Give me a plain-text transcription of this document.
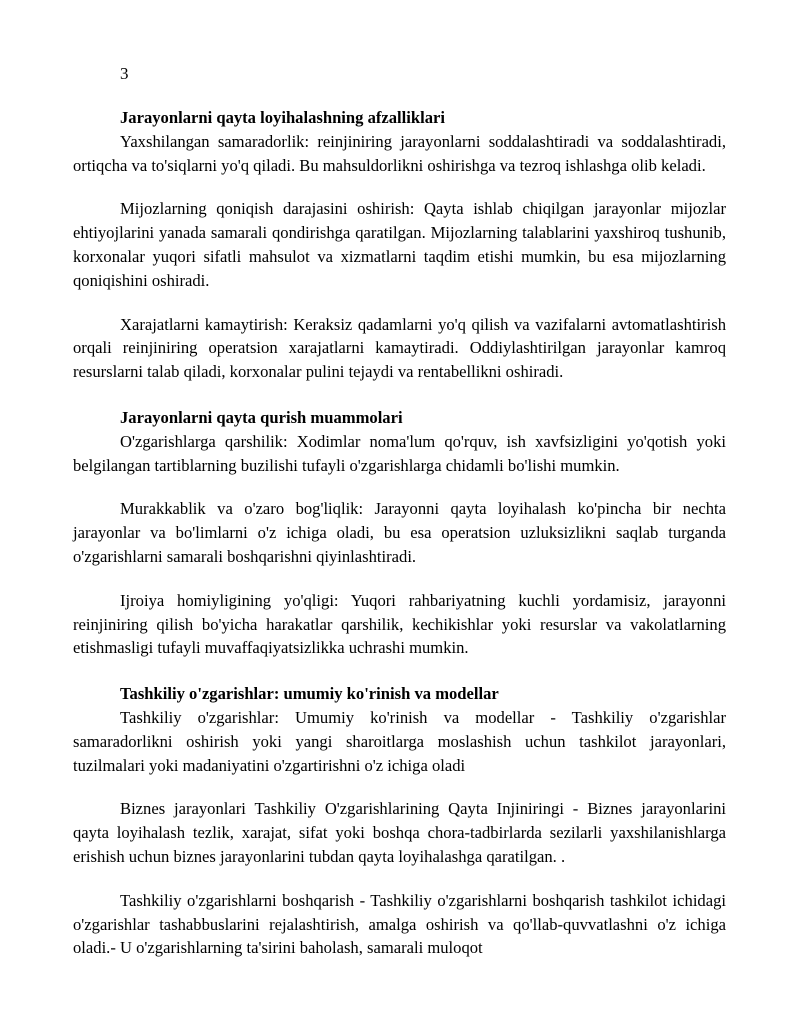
3

Jarayonlarni qayta loyihalashning afzalliklari

Yaxshilangan samaradorlik: reinjiniring jarayonlarni soddalashtiradi va soddalashtiradi, ortiqcha va to'siqlarni yo'q qiladi. Bu mahsuldorlikni oshirishga va tezroq ishlashga olib keladi.

Mijozlarning qoniqish darajasini oshirish: Qayta ishlab chiqilgan jarayonlar mijozlar ehtiyojlarini yanada samarali qondirishga qaratilgan. Mijozlarning talablarini yaxshiroq tushunib, korxonalar yuqori sifatli mahsulot va xizmatlarni taqdim etishi mumkin, bu esa mijozlarning qoniqishini oshiradi.

Xarajatlarni kamaytirish: Keraksiz qadamlarni yo'q qilish va vazifalarni avtomatlashtirish orqali reinjiniring operatsion xarajatlarni kamaytiradi. Oddiylashtirilgan jarayonlar kamroq resurslarni talab qiladi, korxonalar pulini tejaydi va rentabellikni oshiradi.

Jarayonlarni qayta qurish muammolari

O'zgarishlarga qarshilik: Xodimlar noma'lum qo'rquv, ish xavfsizligini yo'qotish yoki belgilangan tartiblarning buzilishi tufayli o'zgarishlarga chidamli bo'lishi mumkin.

Murakkablik va o'zaro bog'liqlik: Jarayonni qayta loyihalash ko'pincha bir nechta jarayonlar va bo'limlarni o'z ichiga oladi, bu esa operatsion uzluksizlikni saqlab turganda o'zgarishlarni samarali boshqarishni qiyinlashtiradi.

Ijroiya homiyligining yo'qligi: Yuqori rahbariyatning kuchli yordamisiz, jarayonni reinjiniring qilish bo'yicha harakatlar qarshilik, kechikishlar yoki resurslar va vakolatlarning etishmasligi tufayli muvaffaqiyatsizlikka uchrashi mumkin.

Tashkiliy o'zgarishlar: umumiy ko'rinish va modellar

Tashkiliy o'zgarishlar: Umumiy ko'rinish va modellar - Tashkiliy o'zgarishlar samaradorlikni oshirish yoki yangi sharoitlarga moslashish uchun tashkilot jarayonlari, tuzilmalari yoki madaniyatini o'zgartirishni o'z ichiga oladi

Biznes jarayonlari Tashkiliy O'zgarishlarining Qayta Injiniringi - Biznes jarayonlarini qayta loyihalash tezlik, xarajat, sifat yoki boshqa chora-tadbirlarda sezilarli yaxshilanishlarga erishish uchun biznes jarayonlarini tubdan qayta loyihalashga qaratilgan. .

Tashkiliy o'zgarishlarni boshqarish - Tashkiliy o'zgarishlarni boshqarish tashkilot ichidagi o'zgarishlar tashabbuslarini rejalashtirish, amalga oshirish va qo'llab-quvvatlashni o'z ichiga oladi.- U o'zgarishlarning ta'sirini baholash, samarali muloqot
